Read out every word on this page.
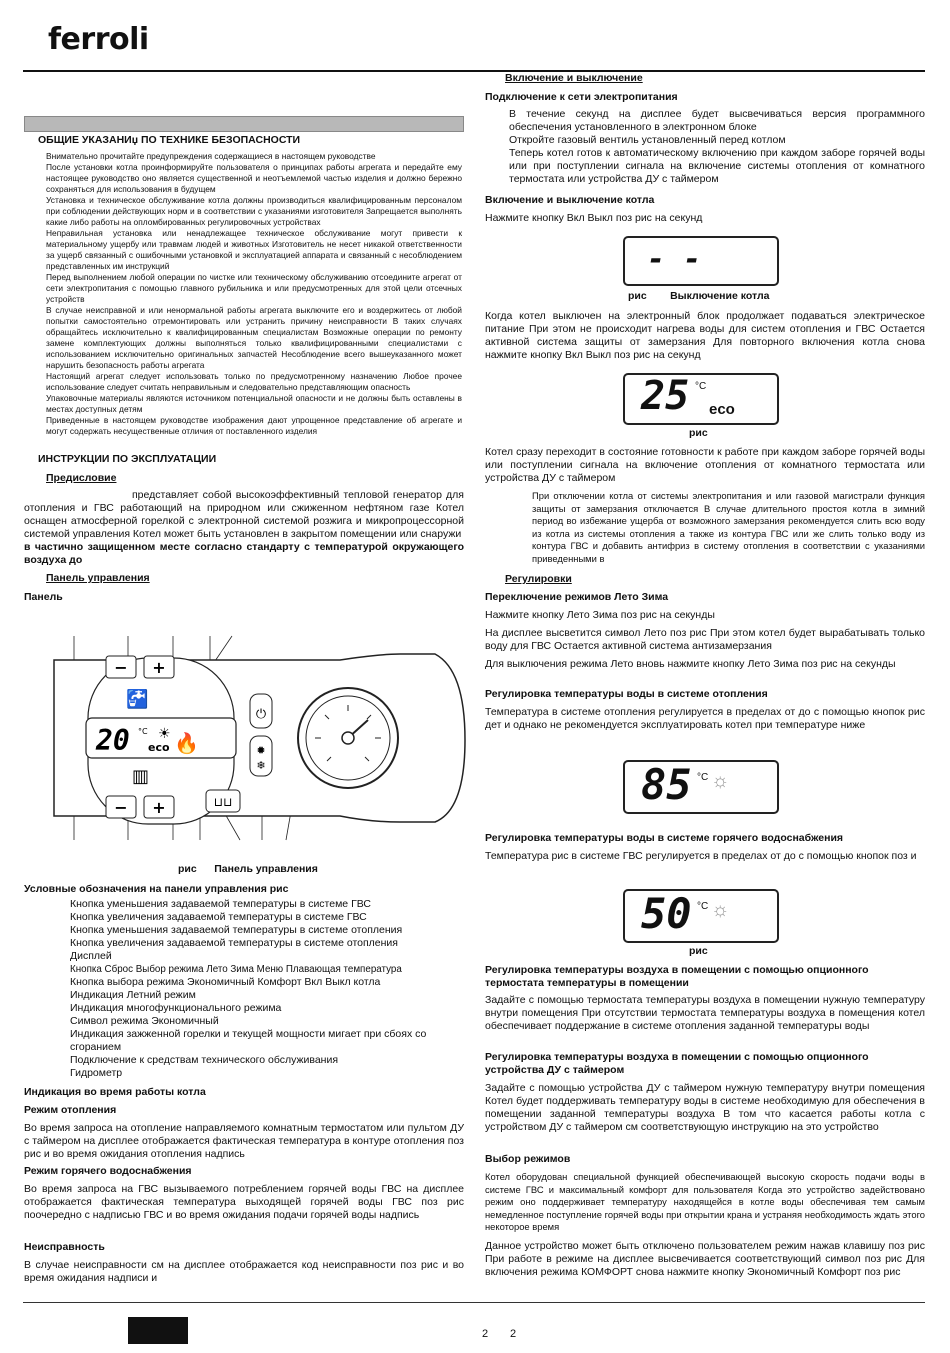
ferroli

ОБЩИЕ УКАЗАНИџ ПО ТЕХНИКЕ БЕЗОПАСНОСТИ

Внимательно прочитайте предупреждения содержащиеся в настоящем руководстве

После установки котла проинформируйте пользователя о принципах работы агрегата и передайте ему настоящее руководство оно является существенной и неотъемлемой частью изделия и должно бережно сохраняться для использования в будущем

Установка и техническое обслуживание котла должны производиться квалифицированным персоналом при соблюдении действующих норм и в соответствии с указаниями изготовителя Запрещается выполнять какие либо работы на опломбированных регулировочных устройствах

Неправильная установка или ненадлежащее техническое обслуживание могут привести к материальному ущербу или травмам людей и животных Изготовитель не несет никакой ответственности за ущерб связанный с ошибочными установкой и эксплуатацией аппарата и связанный с несоблюдением представленных им инструкций

Перед выполнением любой операции по чистке или техническому обслуживанию отсоедините агрегат от сети электропитания с помощью главного рубильника и или предусмотренных для этой цели отсечных устройств

В случае неисправной и или ненормальной работы агрегата выключите его и воздержитесь от любой попытки самостоятельно отремонтировать или устранить причину неисправности В таких случаях обращайтесь исключительно к квалифицированным специалистам Возможные операции по ремонту замене комплектующих должны выполняться только квалифицированными специалистами с использованием исключительно оригинальных запчастей Несоблюдение всего вышеуказанного может нарушить безопасность работы агрегата

Настоящий агрегат следует использовать только по предусмотренному назначению Любое прочее использование следует считать неправильным и следовательно представляющим опасность

Упаковочные материалы являются источником потенциальной опасности и не должны быть оставлены в местах доступных детям

Приведенные в настоящем руководстве изображения дают упрощенное представление об агрегате и могут содержать несущественные отличия от поставленного изделия

ИНСТРУКЦИИ ПО ЭКСПЛУАТАЦИИ

Предисловие

представляет собой высокоэффективный тепловой генератор для отопления и ГВС работающий на природном или сжиженном нефтяном газе Котел оснащен атмосферной горелкой с электронной системой розжига и микропроцессорной системой управления Котел может быть установлен в закрытом помещении или снаружи

в частично защищенном месте согласно стандарту с температурой окружающего воздуха до

Панель управления

Панель

− +
🚰
20 °C
eco
☀ 🔥
▥
− +
⏻
✹
❄
⊔⊔
рис Панель управления

Условные обозначения на панели управления рис

Кнопка уменьшения задаваемой температуры в системе ГВС

Кнопка увеличения задаваемой температуры в системе ГВС

Кнопка уменьшения задаваемой температуры в системе отопления

Кнопка увеличения задаваемой температуры в системе отопления

Дисплей

Кнопка Сброс Выбор режима Лето Зима Меню Плавающая температура

Кнопка выбора режима Экономичный Комфорт Вкл Выкл котла

Индикация Летний режим

Индикация многофункционального режима

Символ режима Экономичный

Индикация зажженной горелки и текущей мощности мигает при сбоях со сгоранием

Подключение к средствам технического обслуживания

Гидрометр

Индикация во время работы котла

Режим отопления

Во время запроса на отопление направляемого комнатным термостатом или пультом ДУ с таймером на дисплее отображается фактическая температура в контуре отопления поз рис и во время ожидания отопления надпись

Режим горячего водоснабжения

Во время запроса на ГВС вызываемого потреблением горячей воды ГВС на дисплее отображается фактическая температура выходящей горячей воды ГВС поз рис поочередно с надписью ГВС и во время ожидания подачи горячей воды надпись

Неисправность

В случае неисправности см на дисплее отображается код неисправности поз рис и во время ожидания надписи и

Включение и выключение

Подключение к сети электропитания

В течение секунд на дисплее будет высвечиваться версия программного обеспечения установленного в электронном блоке

Откройте газовый вентиль установленный перед котлом

Теперь котел готов к автоматическому включению при каждом заборе горячей воды или при поступлении сигнала на включение системы отопления от комнатного термостата или устройства ДУ с таймером

Включение и выключение котла

Нажмите кнопку Вкл Выкл поз рис на секунд

- -
рис Выключение котла

Когда котел выключен на электронный блок продолжает подаваться электрическое питание При этом не происходит нагрева воды для систем отопления и ГВС Остается активной система защиты от замерзания Для повторного включения котла снова нажмите кнопку Вкл Выкл поз рис на секунд

25 °C
eco
рис

Котел сразу переходит в состояние готовности к работе при каждом заборе горячей воды или поступлении сигнала на включение отопления от комнатного термостата или устройства ДУ с таймером

При отключении котла от системы электропитания и или газовой магистрали функция защиты от замерзания отключается В случае длительного простоя котла в зимний период во избежание ущерба от возможного замерзания рекомендуется слить всю воду из котла из системы отопления а также из контура ГВС или же слить только воду из контура ГВС и добавить антифриз в систему отопления в соответствии с указаниями приведенными в

Регулировки

Переключение режимов Лето Зима

Нажмите кнопку Лето Зима поз рис на секунды

На дисплее высветится символ Лето поз рис При этом котел будет вырабатывать только воду для ГВС Остается активной система антизамерзания

Для выключения режима Лето вновь нажмите кнопку Лето Зима поз рис на секунды

Регулировка температуры воды в системе отопления

Температура в системе отопления регулируется в пределах от до с помощью кнопок рис дет и однако не рекомендуется эксплуатировать котел при температуре ниже

85 °C ☼

Регулировка температуры воды в системе горячего водоснабжения

Температура рис в системе ГВС регулируется в пределах от до с помощью кнопок поз и

50 °C ☼
рис

Регулировка температуры воздуха в помещении с помощью опционного термостата температуры в помещении

Задайте с помощью термостата температуры воздуха в помещении нужную температуру внутри помещения При отсутствии термостата температуры воздуха в помещения котел обеспечивает поддержание в системе отопления заданной температуры воды

Регулировка температуры воздуха в помещении с помощью опционного устройства ДУ с таймером

Задайте с помощью устройства ДУ с таймером нужную температуру внутри помещения Котел будет поддерживать температуру воды в системе необходимую для обеспечения в помещении заданной температуры воздуха В том что касается работы котла с устройством ДУ с таймером см соответствующую инструкцию на это устройство

Выбор режимов

Котел оборудован специальной функцией обеспечивающей высокую скорость подачи воды в системе ГВС и максимальный комфорт для пользователя Когда это устройство задействовано режим оно поддерживает температуру находящейся в котле воды обеспечивая тем самым немедленное поступление горячей воды при открытии крана и устраняя необходимость ждать этого некоторое время

Данное устройство может быть отключено пользователем режим нажав клавишу поз рис При работе в режиме на дисплее высвечивается соответствующий символ поз рис Для включения режима КОМФОРТ снова нажмите кнопку Экономичный Комфорт поз рис

2 2
